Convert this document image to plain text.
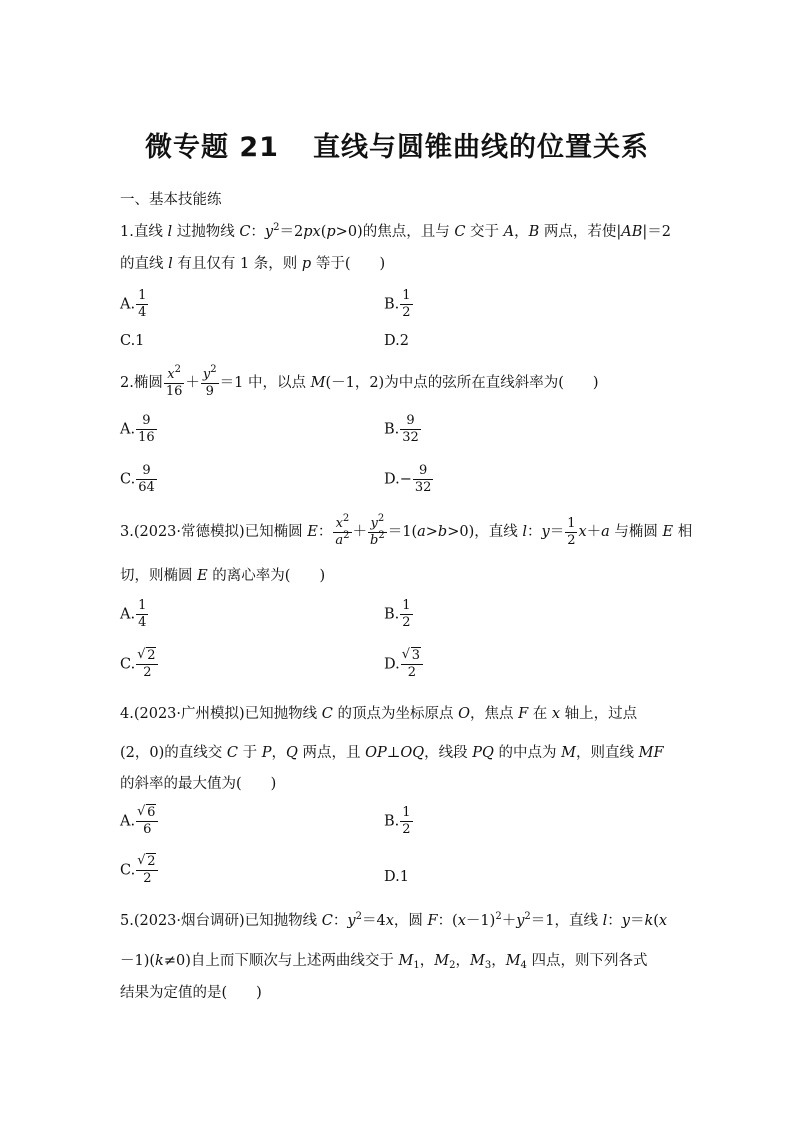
微专题 21 直线与圆锥曲线的位置关系
一、基本技能练
1.直线 l 过抛物线 C：$y^2=2px(p>0)$的焦点，且与 C 交于 A，B 两点，若使|AB|＝2
的直线 l 有且仅有 1 条，则 p 等于(　　)
A. $\frac{1}{4}$	B. $\frac{1}{2}$
C.1	D.2
2.椭圆 $\frac{x^2}{16} + \frac{y^2}{9} =1$ 中，以点 M(－1，2)为中点的弦所在直线斜率为(　　)
A. $\frac{9}{16}$	B. $\frac{9}{32}$
C. $\frac{9}{64}$	$D.- \frac{9}{32}$
3.(2023·常德模拟)已知椭圆 E： $\frac{x^2}{a^2} + \frac{y^2}{b^2} =1(a>b>0)$，直线 l：$y= \frac{1}{2} x+a$ 与椭圆 E 相
切，则椭圆 E 的离心率为(　　)
A. $\frac{1}{4}$	B. $\frac{1}{2}$
C. √ $\frac{2}{2}$	D. √ $\frac{3}{2}$
4.(2023·广州模拟)已知抛物线 C 的顶点为坐标原点 O，焦点 F 在 x 轴上，过点
(2，0)的直线交 C 于 P，Q 两点，且 OP⊥OQ，线段 PQ 的中点为 M，则直线 MF
的斜率的最大值为(　　)
A. √ $\frac{6}{6}$	B. $\frac{1}{2}$
C. √ $\frac{2}{2}$	D.1
5.(2023·烟台调研)已知抛物线 C：$y^2=4x$，圆 F：$(x-1)^2+y^2=1$，直线 l：y＝k(x
－1)(k≠0)自上而下顺次与上述两曲线交于 $M_1$，$M_2$，$M_3$，$M_4$ 四点，则下列各式
结果为定值的是(　　)
